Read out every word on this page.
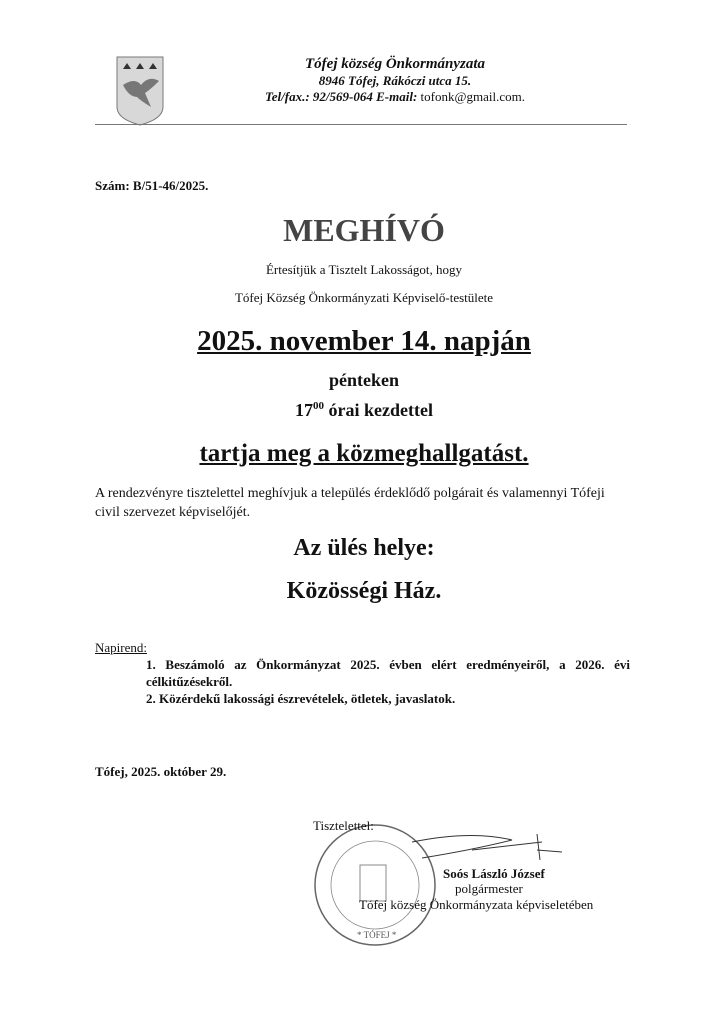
Tófej község Önkormányzata
8946 Tófej, Rákóczi utca 15.
Tel/fax.: 92/569-064 E-mail: tofonk@gmail.com.
Szám: B/51-46/2025.
MEGHÍVÓ
Értesítjük a Tisztelt Lakosságot, hogy
Tófej Község Önkormányzati Képviselő-testülete
2025. november 14. napján
pénteken
$17^{00}$ órai kezdettel
tartja meg a közmeghallgatást.
A rendezvényre tisztelettel meghívjuk a település érdeklődő polgárait és valamennyi Tófeji civil szervezet képviselőjét.
Az ülés helye:
Közösségi Ház.
Napirend:
1. Beszámoló az Önkormányzat 2025. évben elért eredményeiről, a 2026. évi célkitűzésekről.
2. Közérdekű lakossági észrevételek, ötletek, javaslatok.
Tófej, 2025. október 29.
* TÓFEJ *
Tisztelettel:
Soós László József
polgármester
Tófej község Önkormányzata képviseletében
